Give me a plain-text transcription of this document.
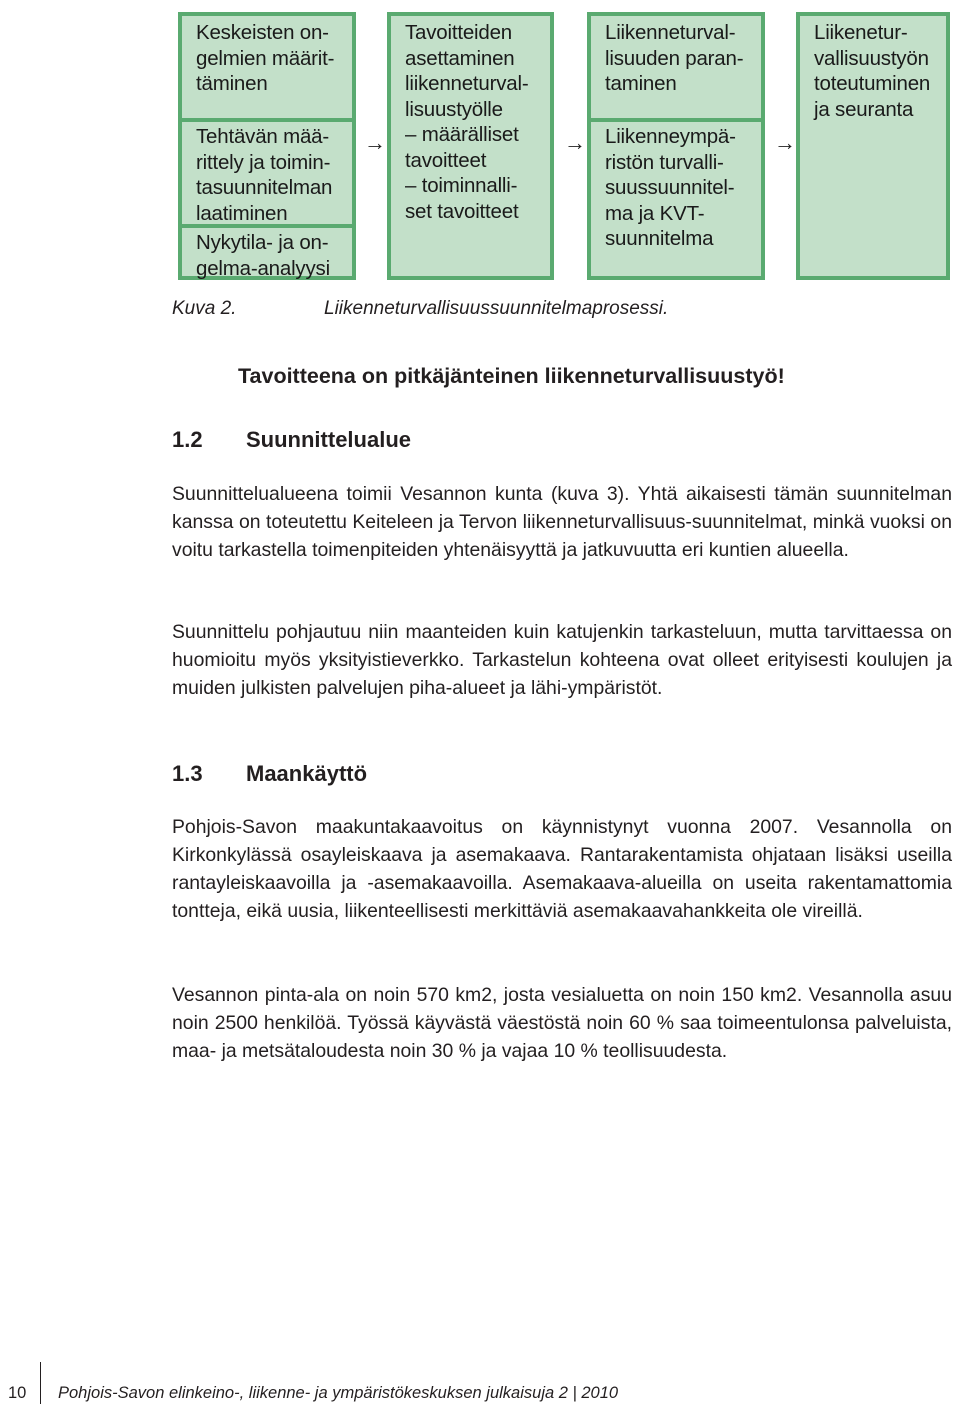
Keskeisten on-
gelmien määrit-
täminen
Tehtävän mää-
rittely ja toimin-
tasuunnitelman
laatiminen
Nykytila- ja on-
gelma-analyysi
→
Tavoitteiden
asettaminen
liikenneturval-
lisuustyölle
– määrälliset
tavoitteet
– toiminnalli-
set tavoitteet
→
Liikenneturval-
lisuuden paran-
taminen
Liikenneympä-
ristön turvalli-
suussuunnitel-
ma ja KVT-
suunnitelma
→
Liikenetur-
vallisuustyön
toteutuminen
ja seuranta
Kuva 2.	Liikenneturvallisuussuunnitelmaprosessi.
Tavoitteena on pitkäjänteinen liikenneturvallisuustyö!
1.2 Suunnittelualue

Suunnittelualueena toimii Vesannon kunta (kuva 3). Yhtä aikaisesti tämän suunnitelman kanssa on toteutettu Keiteleen ja Tervon liikenneturvallisuus-suunnitelmat, minkä vuoksi on voitu tarkastella toimenpiteiden yhtenäisyyttä ja jatkuvuutta eri kuntien alueella.

Suunnittelu pohjautuu niin maanteiden kuin katujenkin tarkasteluun, mutta tarvittaessa on huomioitu myös yksityistieverkko. Tarkastelun kohteena ovat olleet erityisesti koulujen ja muiden julkisten palvelujen piha-alueet ja lähi-ympäristöt.

1.3 Maankäyttö

Pohjois-Savon maakuntakaavoitus on käynnistynyt vuonna 2007. Vesannolla on Kirkonkylässä osayleiskaava ja asemakaava. Rantarakentamista ohjataan lisäksi useilla rantayleiskaavoilla ja -asemakaavoilla. Asemakaava-alueilla on useita rakentamattomia tontteja, eikä uusia, liikenteellisesti merkittäviä asemakaavahankkeita ole vireillä.

Vesannon pinta-ala on noin 570 km2, josta vesialuetta on noin 150 km2. Vesannolla asuu noin 2500 henkilöä. Työssä käyvästä väestöstä noin 60 % saa toimeentulonsa palveluista, maa- ja metsätaloudesta noin 30 % ja vajaa 10 % teollisuudesta.

10 Pohjois-Savon elinkeino-, liikenne- ja ympäristökeskuksen julkaisuja 2 | 2010
